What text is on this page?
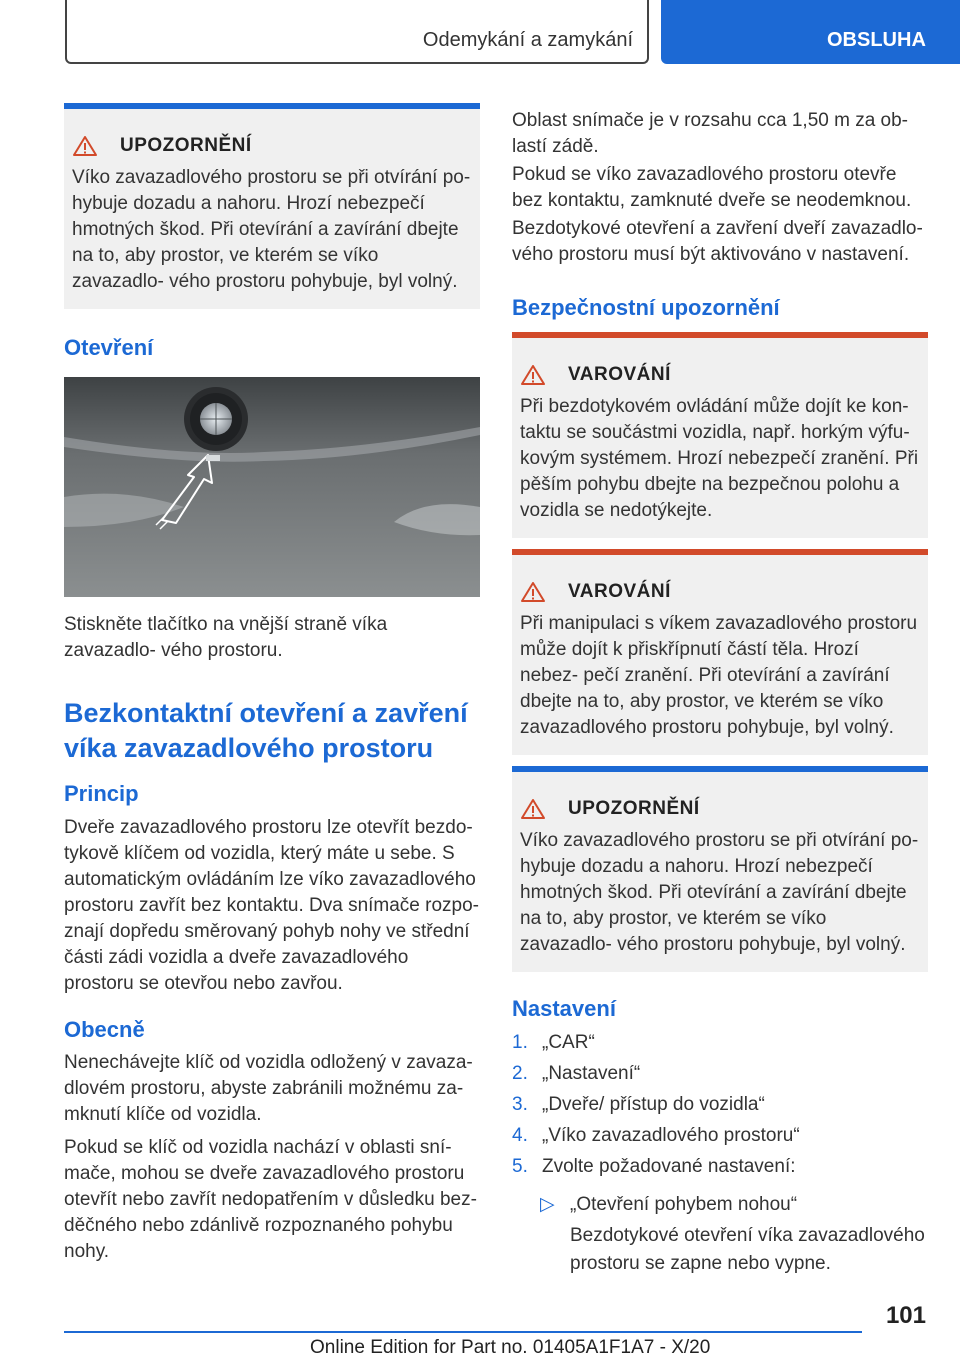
Odemykání a zamykání	OBSLUHA
UPOZORNĚNÍ
Víko zavazadlového prostoru se při otvírání po‐ hybuje dozadu a nahoru. Hrozí nebezpečí hmotných škod. Při otevírání a zavírání dbejte na to, aby prostor, ve kterém se víko zavazadlo‐ vého prostoru pohybuje, byl volný.
Otevření
Stiskněte tlačítko na vnější straně víka zavazadlo‐ vého prostoru.
Bezkontaktní otevření a zavření víka zavazadlového prostoru
Princip
Dveře zavazadlového prostoru lze otevřít bezdo‐ tykově klíčem od vozidla, který máte u sebe. S automatickým ovládáním lze víko zavazadlového prostoru zavřít bez kontaktu. Dva snímače rozpo‐ znají dopředu směrovaný pohyb nohy ve střední části zádi vozidla a dveře zavazadlového prostoru se otevřou nebo zavřou.
Obecně
Nenechávejte klíč od vozidla odložený v zavaza‐ dlovém prostoru, abyste zabránili možnému za‐ mknutí klíče od vozidla.
Pokud se klíč od vozidla nachází v oblasti sní‐ mače, mohou se dveře zavazadlového prostoru otevřít nebo zavřít nedopatřením v důsledku bez‐ děčného nebo zdánlivě rozpoznaného pohybu nohy.
Oblast snímače je v rozsahu cca 1,50 m za ob‐ lastí zádě.
Pokud se víko zavazadlového prostoru otevře bez kontaktu, zamknuté dveře se neodemknou.
Bezdotykové otevření a zavření dveří zavazadlo‐ vého prostoru musí být aktivováno v nastavení.
Bezpečnostní upozornění
VAROVÁNÍ
Při bezdotykovém ovládání může dojít ke kon‐ taktu se součástmi vozidla, např. horkým výfu‐ kovým systémem. Hrozí nebezpečí zranění. Při pěším pohybu dbejte na bezpečnou polohu a vozidla se nedotýkejte.
VAROVÁNÍ
Při manipulaci s víkem zavazadlového prostoru může dojít k přiskřípnutí částí těla. Hrozí nebez‐ pečí zranění. Při otevírání a zavírání dbejte na to, aby prostor, ve kterém se víko zavazadlového prostoru pohybuje, byl volný.
UPOZORNĚNÍ
Víko zavazadlového prostoru se při otvírání po‐ hybuje dozadu a nahoru. Hrozí nebezpečí hmotných škod. Při otevírání a zavírání dbejte na to, aby prostor, ve kterém se víko zavazadlo‐ vého prostoru pohybuje, byl volný.
Nastavení
1. „CAR“
2. „Nastavení“
3. „Dveře/ přístup do vozidla“
4. „Víko zavazadlového prostoru“
5. Zvolte požadované nastavení:
▷ „Otevření pohybem nohou“
Bezdotykové otevření víka zavazadlového prostoru se zapne nebo vypne.
101
Online Edition for Part no. 01405A1F1A7 - X/20
